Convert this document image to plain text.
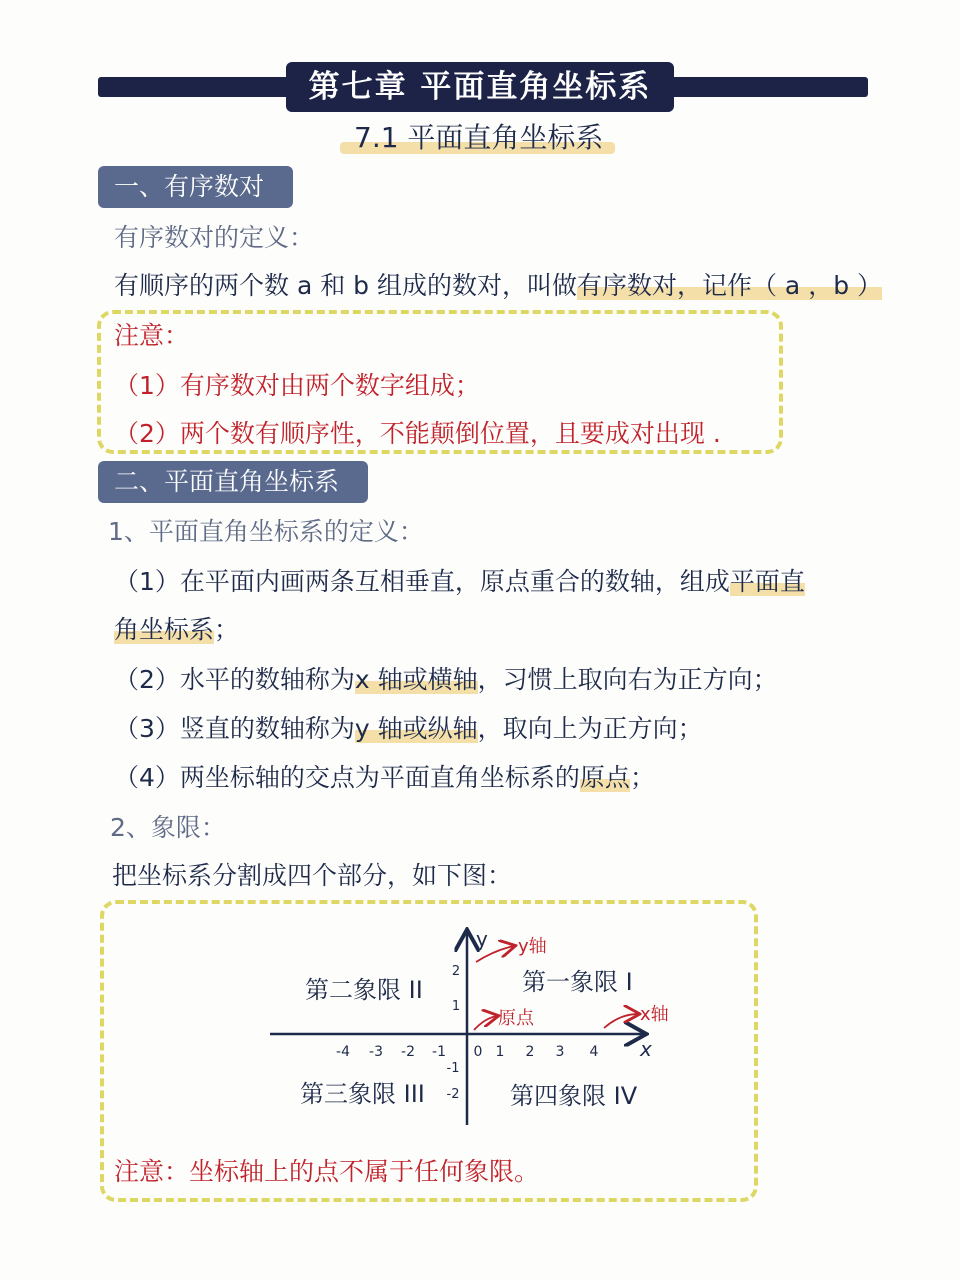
第七章 平面直角坐标系
7.1 平面直角坐标系
一、有序数对
有序数对的定义：
有顺序的两个数 a 和 b 组成的数对，叫做有序数对，记作（ a ，b ）
注意：
（1）有序数对由两个数字组成；
（2）两个数有顺序性，不能颠倒位置，且要成对出现 .
二、平面直角坐标系
1、平面直角坐标系的定义：
（1）在平面内画两条互相垂直，原点重合的数轴，组成平面直
角坐标系；
（2）水平的数轴称为x 轴或横轴，习惯上取向右为正方向；
（3）竖直的数轴称为y 轴或纵轴，取向上为正方向；
（4）两坐标轴的交点为平面直角坐标系的原点；
2、象限：
把坐标系分割成四个部分，如下图：
y
x
-4 -3 -2 -1 0 1 2 3 4
2
1
-1
-2
第一象限 I
第二象限 II
第三象限 III	第四象限 IV
y轴
原点	x轴
注意：坐标轴上的点不属于任何象限。
